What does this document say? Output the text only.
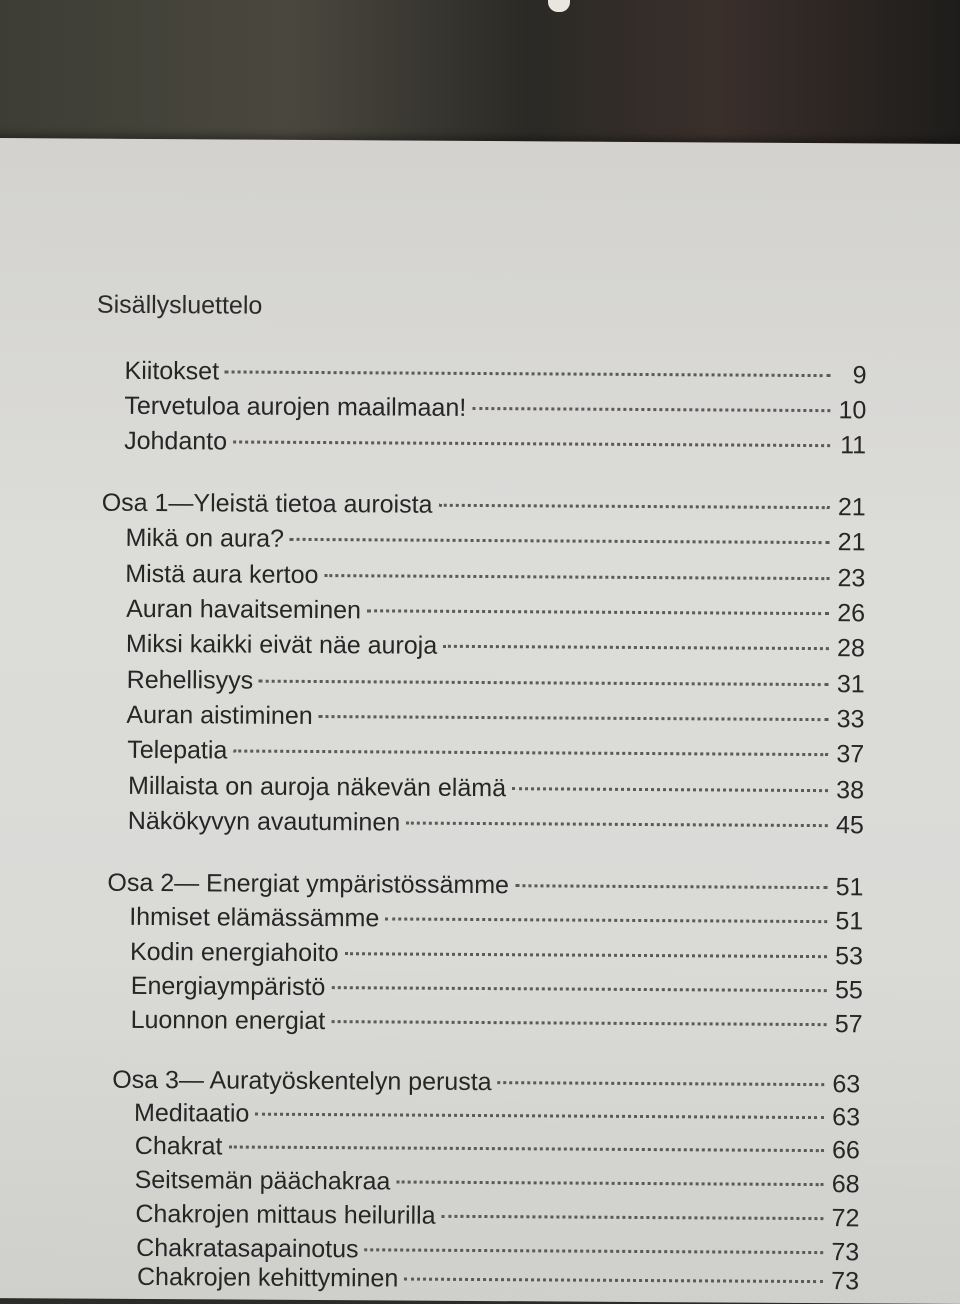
Sisällysluettelo
Kiitokset	9
Tervetuloa aurojen maailmaan!	10
Johdanto	11
Osa 1—Yleistä tietoa auroista	21
Mikä on aura?	21
Mistä aura kertoo	23
Auran havaitseminen	26
Miksi kaikki eivät näe auroja	28
Rehellisyys	31
Auran aistiminen	33
Telepatia	37
Millaista on auroja näkevän elämä	38
Näkökyvyn avautuminen	45
Osa 2— Energiat ympäristössämme	51
Ihmiset elämässämme	51
Kodin energiahoito	53
Energiaympäristö	55
Luonnon energiat	57
Osa 3— Auratyöskentelyn perusta	63
Meditaatio	63
Chakrat	66
Seitsemän päächakraa	68
Chakrojen mittaus heilurilla	72
Chakratasapainotus	73
Chakrojen kehittyminen	73
